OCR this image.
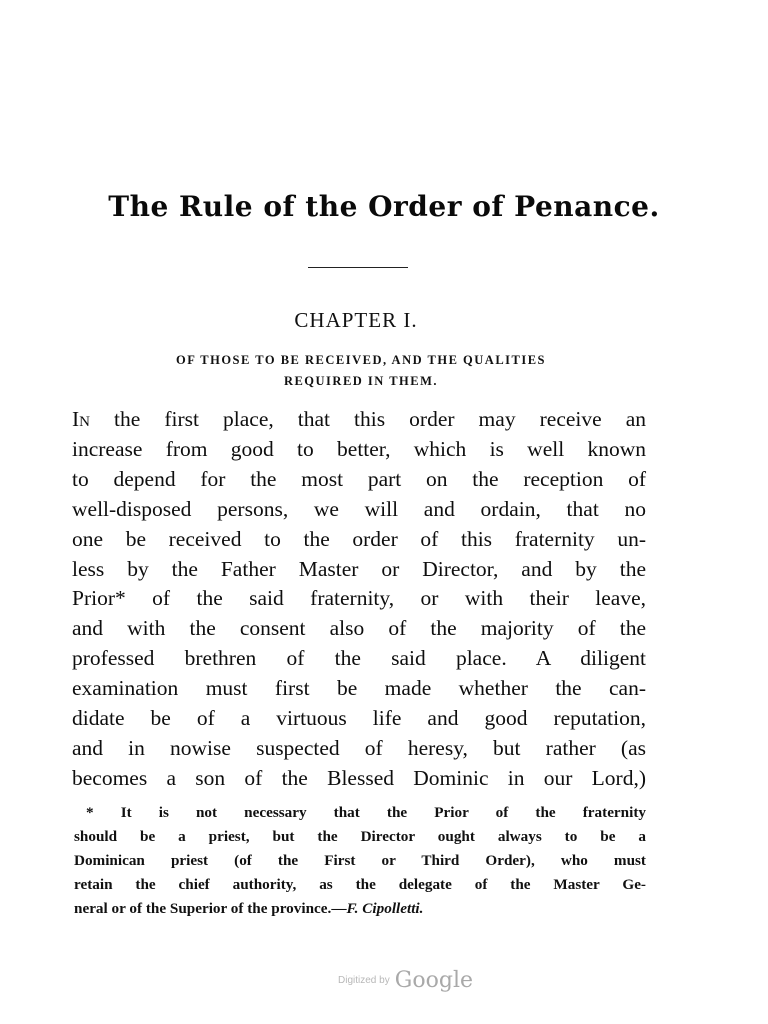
The Rule of the Order of Penance.
CHAPTER I.
OF THOSE TO BE RECEIVED, AND THE QUALITIES
REQUIRED IN THEM.
In the first place, that this order may receive an
increase from good to better, which is well known
to depend for the most part on the reception of
well-disposed persons, we will and ordain, that no
one be received to the order of this fraternity un-
less by the Father Master or Director, and by the
Prior* of the said fraternity, or with their leave,
and with the consent also of the majority of the
professed brethren of the said place. A diligent
examination must first be made whether the can-
didate be of a virtuous life and good reputation,
and in nowise suspected of heresy, but rather (as
becomes a son of the Blessed Dominic in our Lord,)
* It is not necessary that the Prior of the fraternity
should be a priest, but the Director ought always to be a
Dominican priest (of the First or Third Order), who must
retain the chief authority, as the delegate of the Master Ge-
neral or of the Superior of the province.—F. Cipolletti.
Digitized by Google
